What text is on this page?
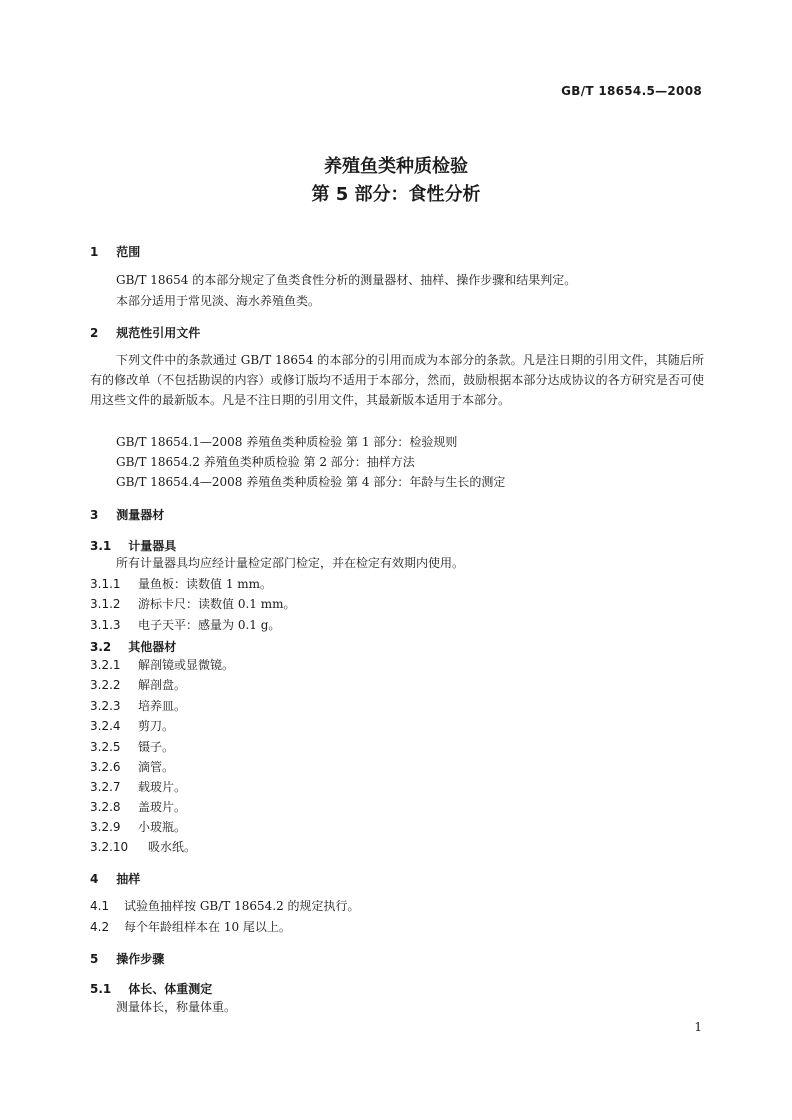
GB/T 18654.5—2008
养殖鱼类种质检验
第 5 部分：食性分析
1 范围
GB/T 18654 的本部分规定了鱼类食性分析的测量器材、抽样、操作步骤和结果判定。
本部分适用于常见淡、海水养殖鱼类。
2 规范性引用文件
下列文件中的条款通过 GB/T 18654 的本部分的引用而成为本部分的条款。凡是注日期的引用文件，其随后所有的修改单（不包括勘误的内容）或修订版均不适用于本部分，然而，鼓励根据本部分达成协议的各方研究是否可使用这些文件的最新版本。凡是不注日期的引用文件，其最新版本适用于本部分。
GB/T 18654.1—2008 养殖鱼类种质检验 第 1 部分：检验规则
GB/T 18654.2 养殖鱼类种质检验 第 2 部分：抽样方法
GB/T 18654.4—2008 养殖鱼类种质检验 第 4 部分：年龄与生长的测定
3 测量器材
3.1 计量器具
所有计量器具均应经计量检定部门检定，并在检定有效期内使用。
3.1.1 量鱼板：读数值 1 mm。
3.1.2 游标卡尺：读数值 0.1 mm。
3.1.3 电子天平：感量为 0.1 g。
3.2 其他器材
3.2.1 解剖镜或显微镜。
3.2.2 解剖盘。
3.2.3 培养皿。
3.2.4 剪刀。
3.2.5 镊子。
3.2.6 滴管。
3.2.7 载玻片。
3.2.8 盖玻片。
3.2.9 小玻瓶。
3.2.10 吸水纸。
4 抽样
4.1 试验鱼抽样按 GB/T 18654.2 的规定执行。
4.2 每个年龄组样本在 10 尾以上。
5 操作步骤
5.1 体长、体重测定
测量体长，称量体重。
1
